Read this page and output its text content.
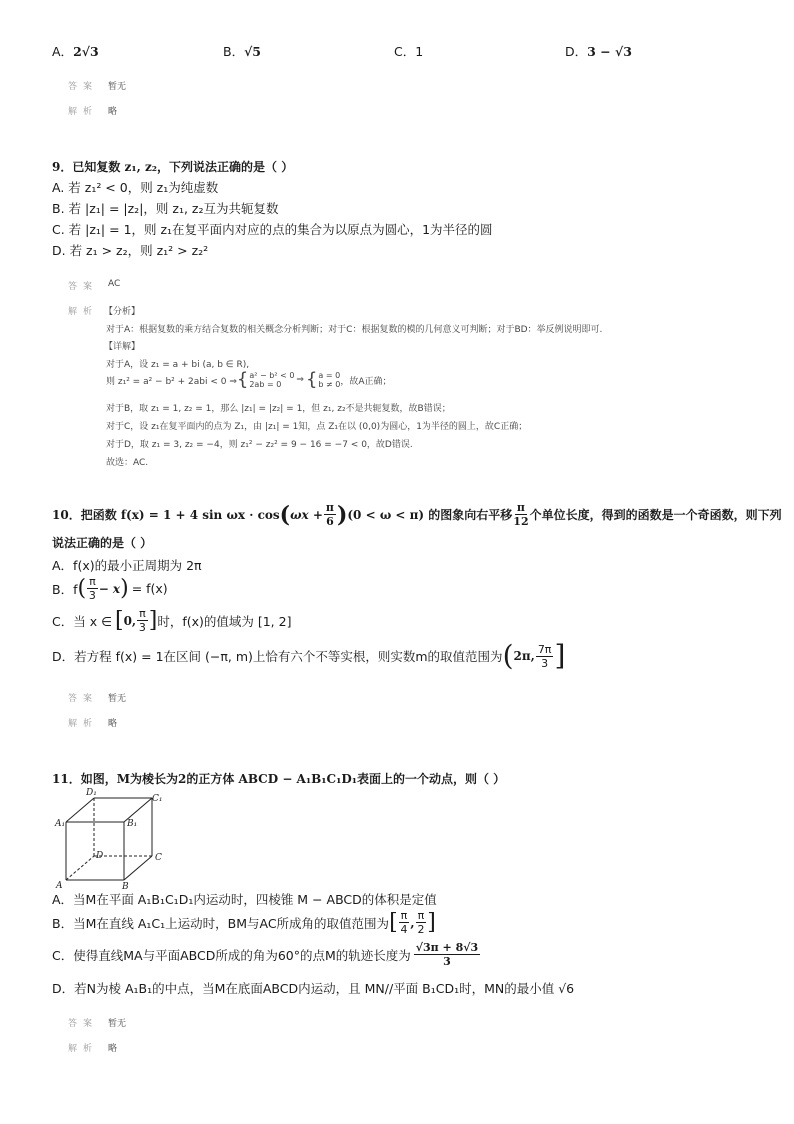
A．2√3	B．√5	C．1	D．3 − √3
答案 暂无
解析 略
9．已知复数 z₁, z₂，下列说法正确的是（ ）
A. 若 z₁² < 0，则 z₁为纯虚数
B. 若 |z₁| = |z₂|，则 z₁, z₂互为共轭复数
C. 若 |z₁| = 1，则 z₁在复平面内对应的点的集合为以原点为圆心，1为半径的圆
D. 若 z₁ > z₂，则 z₁² > z₂²
答案 AC
解析 【分析】
对于A：根据复数的乘方结合复数的相关概念分析判断；对于C：根据复数的模的几何意义可判断；对于BD：举反例说明即可.
【详解】
对于A，设 z₁ = a + bi (a, b ∈ R),
则 z₁² = a² − b² + 2abi < 0 ⇒ { a² − b² < 0
2ab = 0	⇒ { a = 0
b ≠ 0 ，故A正确；
对于B，取 z₁ = 1, z₂ = 1，那么 |z₁| = |z₂| = 1，但 z₁, z₂不是共轭复数，故B错误；
对于C，设 z₁在复平面内的点为 Z₁，由 |z₁| = 1知，点 Z₁在以 (0,0)为圆心，1为半径的圆上，故C正确；
对于D，取 z₁ = 3, z₂ = −4，则 z₁² − z₂² = 9 − 16 = −7 < 0，故D错误.
故选：AC.
10．把函数 f(x) = 1 + 4 sin ωx · cos ( $\omega x + \frac{\pi}{6}$ ) (0 < ω < π) 的图象向右平移 $\frac{\pi}{12}$ 个单位长度，得到的函数是一个奇函数，则下列
说法正确的是（ ）
A．f(x)的最小正周期为 2π
B．f ( $\frac{\pi}{3} - x$ ) = f(x)
C．当 x ∈ [ 0, $\frac{\pi}{3}$ ] 时，f(x)的值域为 [1, 2]
D．若方程 f(x) = 1在区间 (−π, m)上恰有六个不等实根，则实数m的取值范围为 ( 2π, $\frac{7\pi}{3}$ ]
答案 暂无
解析 略
11．如图，M为棱长为2的正方体 ABCD − A₁B₁C₁D₁表面上的一个动点，则（ ）
A	B
C
D
A₁	B₁
C₁
D₁
A．当M在平面 A₁B₁C₁D₁内运动时，四棱锥 M − ABCD的体积是定值
B．当M在直线 A₁C₁上运动时，BM与AC所成角的取值范围为 [ $\frac{\pi}{4}$ , $\frac{\pi}{2}$ ]
C．使得直线MA与平面ABCD所成的角为60°的点M的轨迹长度为 $\frac{√3\pi + 8√3}{3}$
D．若N为棱 A₁B₁的中点，当M在底面ABCD内运动，且 MN//平面 B₁CD₁时，MN的最小值 √6
答案 暂无
解析 略
